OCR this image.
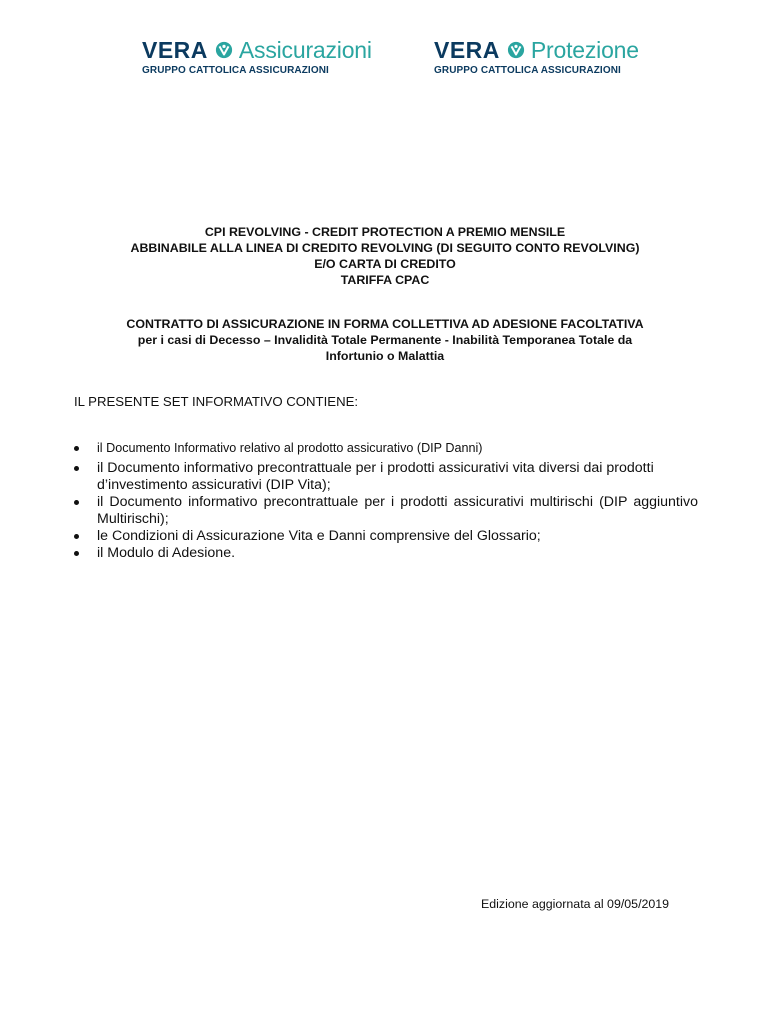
VERA Assicurazioni
GRUPPO CATTOLICA ASSICURAZIONI
VERA Protezione
GRUPPO CATTOLICA ASSICURAZIONI
CPI REVOLVING - CREDIT PROTECTION A PREMIO MENSILE
ABBINABILE ALLA LINEA DI CREDITO REVOLVING (DI SEGUITO CONTO REVOLVING)
E/O CARTA DI CREDITO
TARIFFA CPAC
CONTRATTO DI ASSICURAZIONE IN FORMA COLLETTIVA AD ADESIONE FACOLTATIVA
per i casi di Decesso – Invalidità Totale Permanente - Inabilità Temporanea Totale da
Infortunio o Malattia
IL PRESENTE SET INFORMATIVO CONTIENE:
il Documento Informativo relativo al prodotto assicurativo (DIP Danni)
il Documento informativo precontrattuale per i prodotti assicurativi vita diversi dai prodotti d’investimento assicurativi (DIP Vita);
il Documento informativo precontrattuale per i prodotti assicurativi multirischi (DIP aggiuntivo Multirischi);
le Condizioni di Assicurazione Vita e Danni comprensive del Glossario;
il Modulo di Adesione.
Edizione aggiornata al 09/05/2019
